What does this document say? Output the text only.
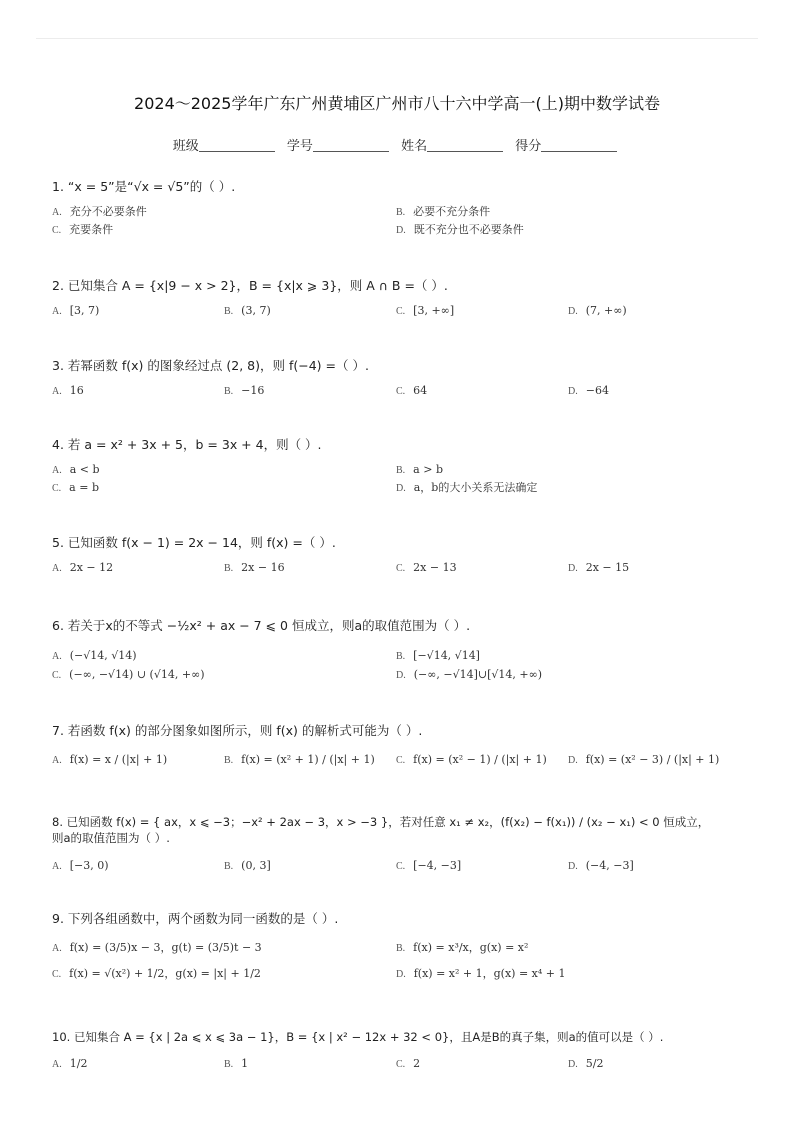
2024～2025学年广东广州黄埔区广州市八十六中学高一(上)期中数学试卷
班级	学号	姓名	得分
1. “x = 5”是“√x = √5”的（ ）.
A. 充分不必要条件	B. 必要不充分条件
C. 充要条件	D. 既不充分也不必要条件
2. 已知集合 A = {x|9 − x > 2}，B = {x|x ⩾ 3}，则 A ∩ B =（ ）.
A. [3, 7)	B. (3, 7)	C. [3, +∞]	D. (7, +∞)
3. 若幂函数 f(x) 的图象经过点 (2, 8)，则 f(−4) =（ ）.
A. 16	B. −16	C. 64	D. −64
4. 若 a = x² + 3x + 5，b = 3x + 4，则（ ）.
A. a < b	B. a > b
C. a = b	D. a，b的大小关系无法确定
5. 已知函数 f(x − 1) = 2x − 14，则 f(x) =（ ）.
A. 2x − 12	B. 2x − 16	C. 2x − 13	D. 2x − 15
6. 若关于x的不等式 −½x² + ax − 7 ⩽ 0 恒成立，则a的取值范围为（ ）.
A. (−√14, √14)	B. [−√14, √14]
C. (−∞, −√14) ∪ (√14, +∞)	D. (−∞, −√14]∪[√14, +∞)
7. 若函数 f(x) 的部分图象如图所示，则 f(x) 的解析式可能为（ ）.
A. f(x) = x / (|x| + 1)	B. f(x) = (x² + 1) / (|x| + 1) C. f(x) = (x² − 1) / (|x| + 1) D. f(x) = (x² − 3) / (|x| + 1)
8. 已知函数 f(x) = { ax，x ⩽ −3；−x² + 2ax − 3，x > −3 }，若对任意 x₁ ≠ x₂，(f(x₂) − f(x₁)) / (x₂ − x₁) < 0 恒成立，则a的取值范围为（ ）.
A. [−3, 0)	B. (0, 3]	C. [−4, −3]	D. (−4, −3]
9. 下列各组函数中，两个函数为同一函数的是（ ）.
A. f(x) = (3/5)x − 3，g(t) = (3/5)t − 3	B. f(x) = x³/x，g(x) = x²
C. f(x) = √(x²) + 1/2，g(x) = |x| + 1/2	D. f(x) = x² + 1，g(x) = x⁴ + 1
10. 已知集合 A = {x | 2a ⩽ x ⩽ 3a − 1}，B = {x | x² − 12x + 32 < 0}，且A是B的真子集，则a的值可以是（ ）.
A. 1/2	B. 1	C. 2	D. 5/2
